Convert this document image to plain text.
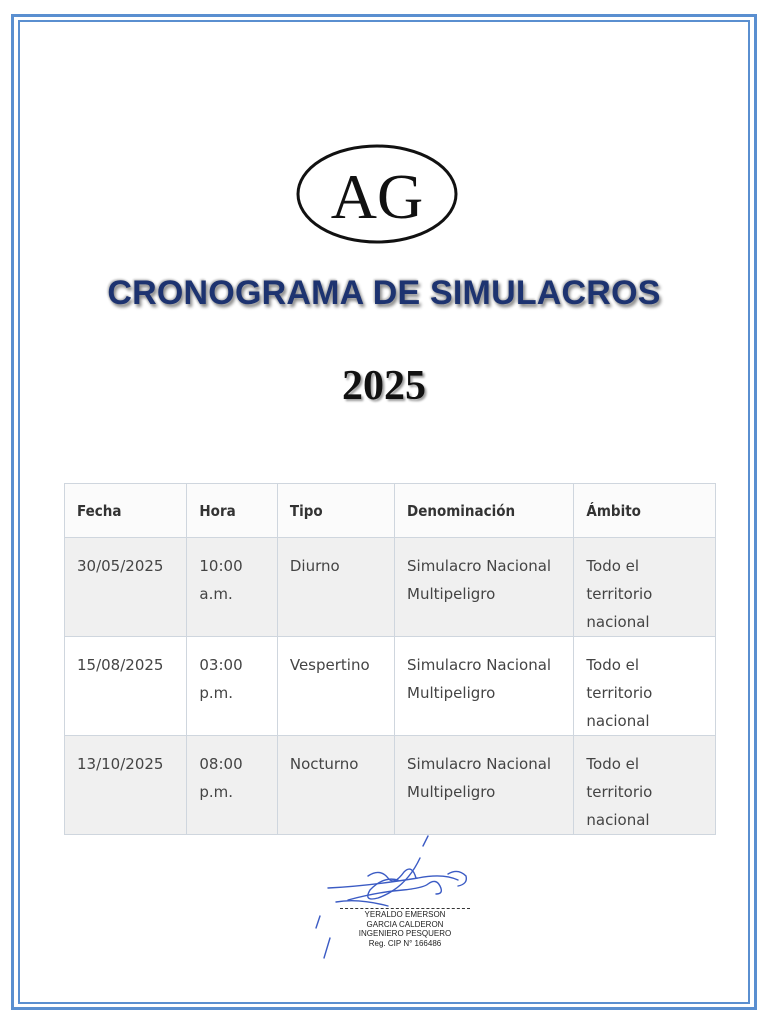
AG
CRONOGRAMA DE SIMULACROS
2025
Fecha	Hora	Tipo	Denominación	Ámbito
30/05/2025	10:00 a.m.	Diurno	Simulacro Nacional Multipeligro	Todo el territorio nacional
15/08/2025	03:00 p.m.	Vespertino	Simulacro Nacional Multipeligro	Todo el territorio nacional
13/10/2025	08:00 p.m.	Nocturno	Simulacro Nacional Multipeligro	Todo el territorio nacional
YERALDO EMERSON
GARCIA CALDERON
INGENIERO PESQUERO
Reg. CIP N° 166486
